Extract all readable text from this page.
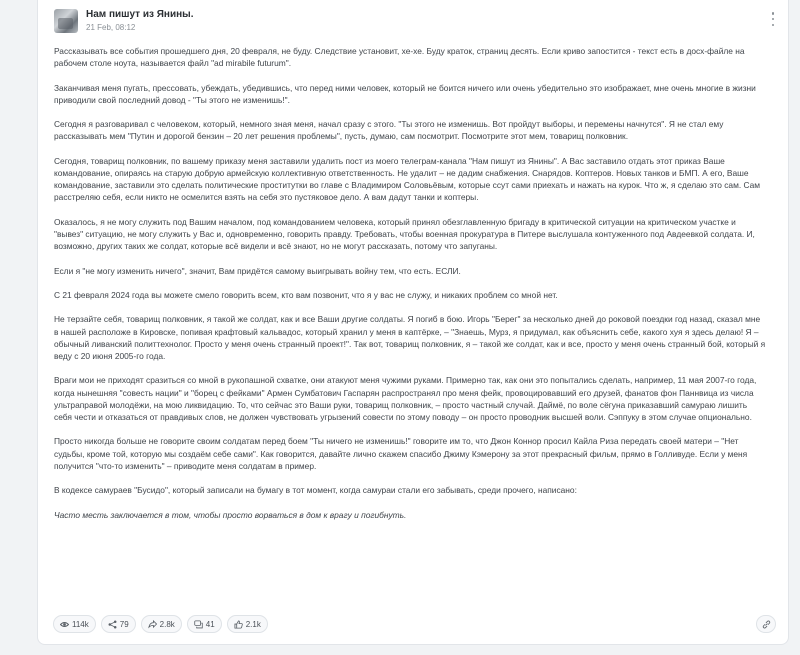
Нам пишут из Янины.
21 Feb, 08:12

Рассказывать все события прошедшего дня, 20 февраля, не буду. Следствие установит, хе-хе. Буду краток, страниц десять. Если криво запостится - текст есть в досх-файле на рабочем столе ноута, называется файл "ad mirabile futurum".

Заканчивая меня пугать, прессовать, убеждать, убедившись, что перед ними человек, который не боится ничего или очень убедительно это изображает, мне очень многие в жизни приводили свой последний довод - "Ты этого не изменишь!".

Сегодня я разговаривал с человеком, который, немного зная меня, начал сразу с этого. "Ты этого не изменишь. Вот пройдут выборы, и перемены начнутся". Я не стал ему рассказывать мем "Путин и дорогой бензин – 20 лет решения проблемы", пусть, думаю, сам посмотрит. Посмотрите этот мем, товарищ полковник.

Сегодня, товарищ полковник, по вашему приказу меня заставили удалить пост из моего телеграм-канала "Нам пишут из Янины". А Вас заставило отдать этот приказ Ваше командование, опираясь на старую добрую армейскую коллективную ответственность. Не удалит – не дадим снабжения. Снарядов. Коптеров. Новых танков и БМП. А его, Ваше командование, заставили это сделать политические проститутки во главе с Владимиром Соловьёвым, которые ссут сами приехать и нажать на курок. Что ж, я сделаю это сам. Сам расстреляю себя, если никто не осмелится взять на себя это пустяковое дело. А вам дадут танки и коптеры.

Оказалось, я не могу служить под Вашим началом, под командованием человека, который принял обезглавленную бригаду в критической ситуации на критическом участке и "вывез" ситуацию, не могу служить у Вас и, одновременно, говорить правду. Требовать, чтобы военная прокуратура в Питере выслушала контуженного под Авдеевкой солдата. И, возможно, других таких же солдат, которые всё видели и всё знают, но не могут рассказать, потому что запуганы.

Если я "не могу изменить ничего", значит, Вам придётся самому выигрывать войну тем, что есть. ЕСЛИ.

С 21 февраля 2024 года вы можете смело говорить всем, кто вам позвонит, что я у вас не служу, и никаких проблем со мной нет.

Не терзайте себя, товарищ полковник, я такой же солдат, как и все Ваши другие солдаты. Я погиб в бою. Игорь "Берег" за несколько дней до роковой поездки год назад, сказал мне в нашей расположе в Кировске, попивая крафтовый кальвадос, который хранил у меня в каптёрке, – "Знаешь, Мурз, я придумал, как объяснить себе, какого хуя я здесь делаю! Я – обычный ливанский политтехнолог. Просто у меня очень странный проект!". Так вот, товарищ полковник, я – такой же солдат, как и все, просто у меня очень странный бой, который я веду с 20 июня 2005-го года.

Враги мои не приходят сразиться со мной в рукопашной схватке, они атакуют меня чужими руками. Примерно так, как они это попытались сделать, например, 11 мая 2007-го года, когда нынешняя "совесть нации" и "борец с фейками" Армен Сумбатович Гаспарян распространял про меня фейк, провоцировавший его друзей, фанатов фон Паннвица из числа ультраправой молодёжи, на мою ликвидацию. То, что сейчас это Ваши руки, товарищ полковник, – просто частный случай. Даймё, по воле сёгуна приказавший самураю лишить себя чести и отказаться от правдивых слов, не должен чувствовать угрызений совести по этому поводу – он просто проводник высшей воли. Сэппуку в этом случае опционально.

Просто никогда больше не говорите своим солдатам перед боем "Ты ничего не изменишь!" говорите им то, что Джон Коннор просил Кайла Риза передать своей матери – "Нет судьбы, кроме той, которую мы создаём себе сами". Как говорится, давайте лично скажем спасибо Джиму Кэмерону за этот прекрасный фильм, прямо в Голливуде. Если у меня получится "что-то изменить" – приводите меня солдатам в пример.

В кодексе самураев "Бусидо", который записали на бумагу в тот момент, когда самураи стали его забывать, среди прочего, написано:

Часто месть заключается в том, чтобы просто ворваться в дом к врагу и погибнуть.

114k	79	2.8k	41	2.1k
